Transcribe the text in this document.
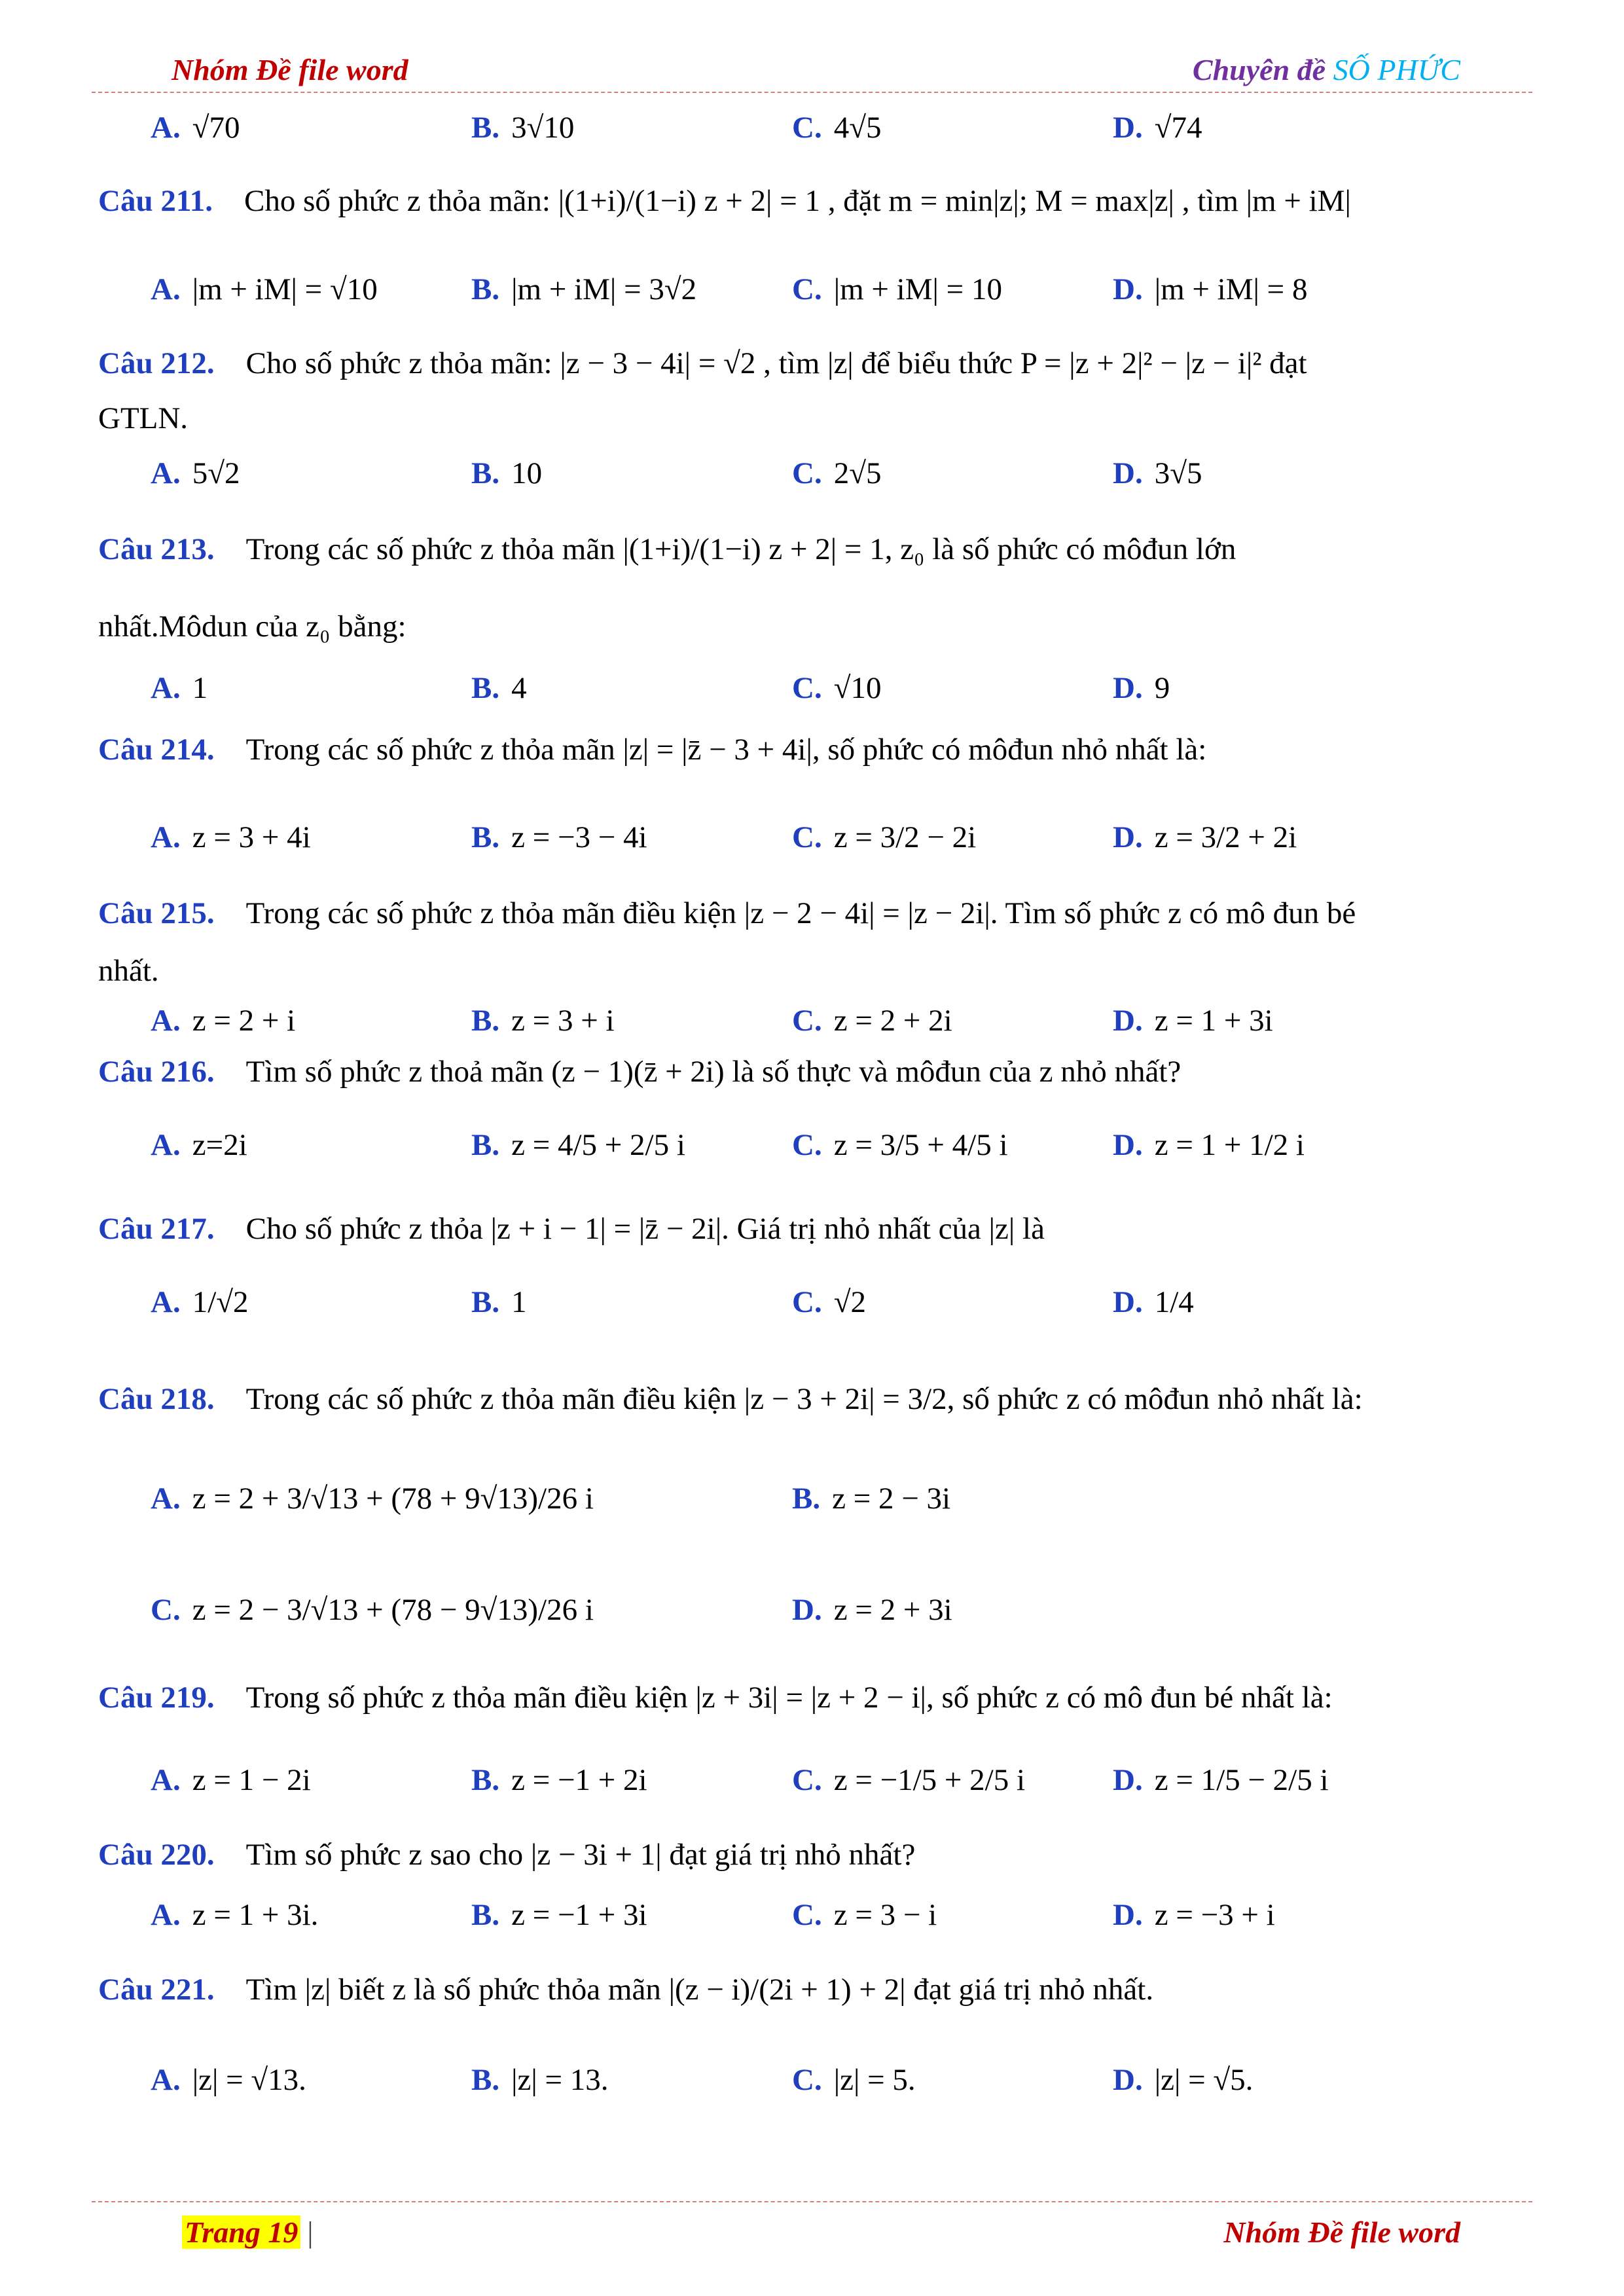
Nhóm Đề file word	Chuyên đề SỐ PHỨC
A. √70	B. 3√10	C. 4√5	D. √74
Câu 211. Cho số phức z thỏa mãn: |(1+i)/(1−i) z + 2| = 1 , đặt m = min|z|; M = max|z| , tìm |m + iM|
A. |m + iM| = √10	B. |m + iM| = 3√2	C. |m + iM| = 10	D. |m + iM| = 8
Câu 212. Cho số phức z thỏa mãn: |z − 3 − 4i| = √2 , tìm |z| để biểu thức P = |z + 2|² − |z − i|² đạt
GTLN.
A. 5√2	B. 10	C. 2√5	D. 3√5
Câu 213. Trong các số phức z thỏa mãn |(1+i)/(1−i) z + 2| = 1, z₀ là số phức có môđun lớn
nhất.Môdun của z₀ bằng:
A. 1	B. 4	C. √10	D. 9
Câu 214. Trong các số phức z thỏa mãn |z| = |z̄ − 3 + 4i|, số phức có môđun nhỏ nhất là:
A. z = 3 + 4i	B. z = −3 − 4i	C. z = 3/2 − 2i	D. z = 3/2 + 2i
Câu 215. Trong các số phức z thỏa mãn điều kiện |z − 2 − 4i| = |z − 2i|. Tìm số phức z có mô đun bé
nhất.
A. z = 2 + i	B. z = 3 + i	C. z = 2 + 2i	D. z = 1 + 3i
Câu 216. Tìm số phức z thoả mãn (z − 1)(z̄ + 2i) là số thực và môđun của z nhỏ nhất?
A. z=2i	B. z = 4/5 + 2/5 i	C. z = 3/5 + 4/5 i	D. z = 1 + 1/2 i
Câu 217. Cho số phức z thỏa |z + i − 1| = |z̄ − 2i|. Giá trị nhỏ nhất của |z| là
A. 1/√2	B. 1	C. √2	D. 1/4
Câu 218. Trong các số phức z thỏa mãn điều kiện |z − 3 + 2i| = 3/2, số phức z có môđun nhỏ nhất là:
A. z = 2 + 3/√13 + (78 + 9√13)/26 i	B. z = 2 − 3i
C. z = 2 − 3/√13 + (78 − 9√13)/26 i	D. z = 2 + 3i
Câu 219. Trong số phức z thỏa mãn điều kiện |z + 3i| = |z + 2 − i|, số phức z có mô đun bé nhất là:
A. z = 1 − 2i	B. z = −1 + 2i	C. z = −1/5 + 2/5 i	D. z = 1/5 − 2/5 i
Câu 220. Tìm số phức z sao cho |z − 3i + 1| đạt giá trị nhỏ nhất?
A. z = 1 + 3i.	B. z = −1 + 3i	C. z = 3 − i	D. z = −3 + i
Câu 221. Tìm |z| biết z là số phức thỏa mãn |(z − i)/(2i + 1) + 2| đạt giá trị nhỏ nhất.
A. |z| = √13.	B. |z| = 13.	C. |z| = 5.	D. |z| = √5.
Trang 19 |	Nhóm Đề file word
